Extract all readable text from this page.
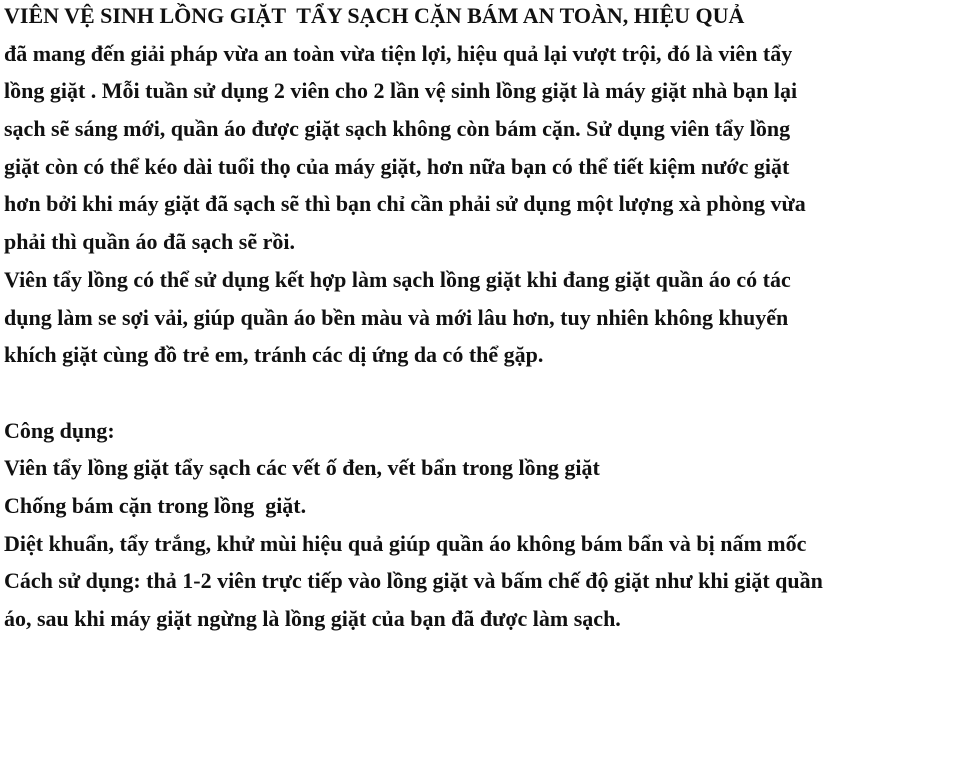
VIÊN VỆ SINH LỒNG GIẶT  TẨY SẠCH CẶN BÁM AN TOÀN, HIỆU QUẢ
đã mang đến giải pháp vừa an toàn vừa tiện lợi, hiệu quả lại vượt trội, đó là viên tẩy
lồng giặt . Mỗi tuần sử dụng 2 viên cho 2 lần vệ sinh lồng giặt là máy giặt nhà bạn lại
sạch sẽ sáng mới, quần áo được giặt sạch không còn bám cặn. Sử dụng viên tẩy lồng
giặt còn có thể kéo dài tuổi thọ của máy giặt, hơn nữa bạn có thể tiết kiệm nước giặt
hơn bởi khi máy giặt đã sạch sẽ thì bạn chỉ cần phải sử dụng một lượng xà phòng vừa
phải thì quần áo đã sạch sẽ rồi.
Viên tẩy lồng có thể sử dụng kết hợp làm sạch lồng giặt khi đang giặt quần áo có tác
dụng làm se sợi vải, giúp quần áo bền màu và mới lâu hơn, tuy nhiên không khuyến
khích giặt cùng đồ trẻ em, tránh các dị ứng da có thể gặp.
Công dụng:
Viên tẩy lồng giặt tẩy sạch các vết ố đen, vết bẩn trong lồng giặt
Chống bám cặn trong lồng  giặt.
Diệt khuẩn, tẩy trắng, khử mùi hiệu quả giúp quần áo không bám bẩn và bị nấm mốc
Cách sử dụng: thả 1-2 viên trực tiếp vào lồng giặt và bấm chế độ giặt như khi giặt quần
áo, sau khi máy giặt ngừng là lồng giặt của bạn đã được làm sạch.
